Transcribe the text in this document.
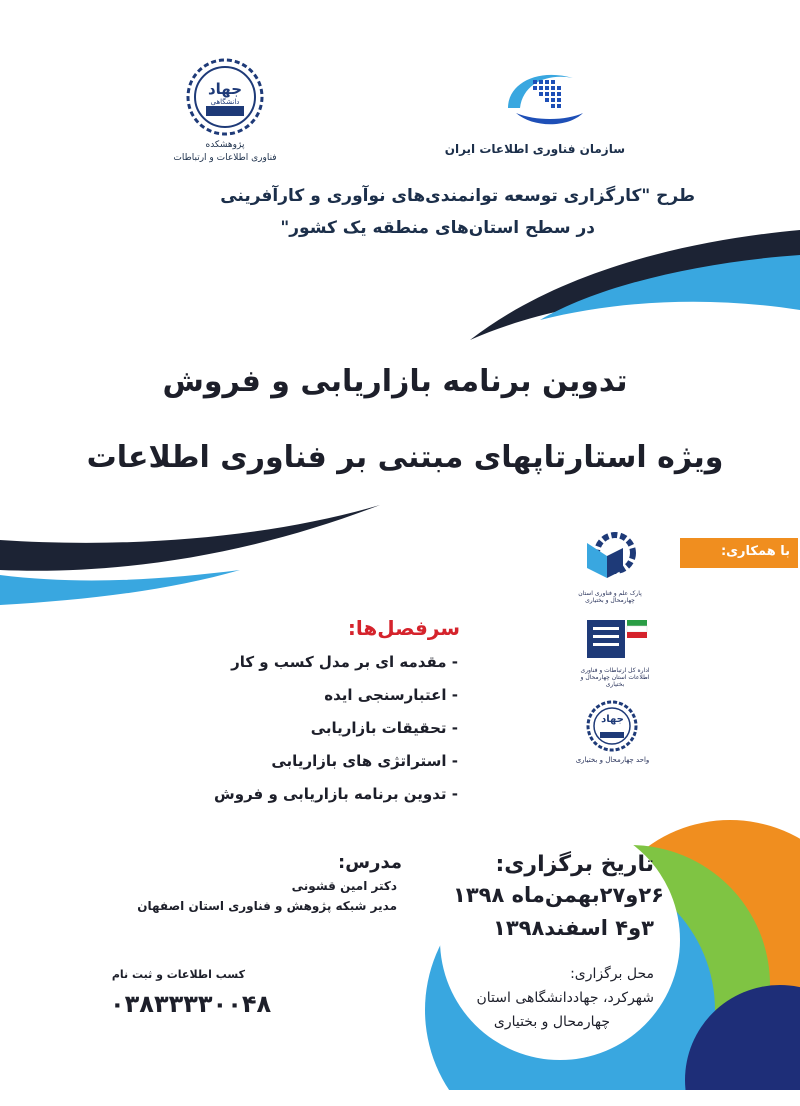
سازمان فناوری اطلاعات ایران
جهاد
دانشگاهی
پژوهشکده
فناوری اطلاعات و ارتباطات
طرح "کارگزاری توسعه توانمندی‌های نوآوری و کارآفرینی
در سطح استان‌های منطقه یک کشور"
تدوین برنامه بازاریابی و فروش
ویژه استارتاپهای مبتنی بر فناوری اطلاعات
با همکاری:
پارک علم و فناوری استان چهارمحال و بختیاری
اداره کل ارتباطات و فناوری اطلاعات استان چهارمحال و بختیاری
جهاد
واحد چهارمحال و بختیاری
سرفصل‌ها:
- مقدمه ای بر مدل کسب و کار
- اعتبارسنجی ایده
- تحقیقات بازاریابی
- استراتژی های بازاریابی
- تدوین برنامه بازاریابی و فروش
مدرس:
دکتر امین قشونی
مدیر شبکه پژوهش و فناوری استان اصفهان
کسب اطلاعات و ثبت نام
۰۳۸۳۳۳۳۰۰۴۸
تاریخ برگزاری:
۲۶و۲۷بهمن‌ماه ۱۳۹۸
۳و۴ اسفند۱۳۹۸
محل برگزاری:
شهرکرد، جهاددانشگاهی استان
چهارمحال و بختیاری
